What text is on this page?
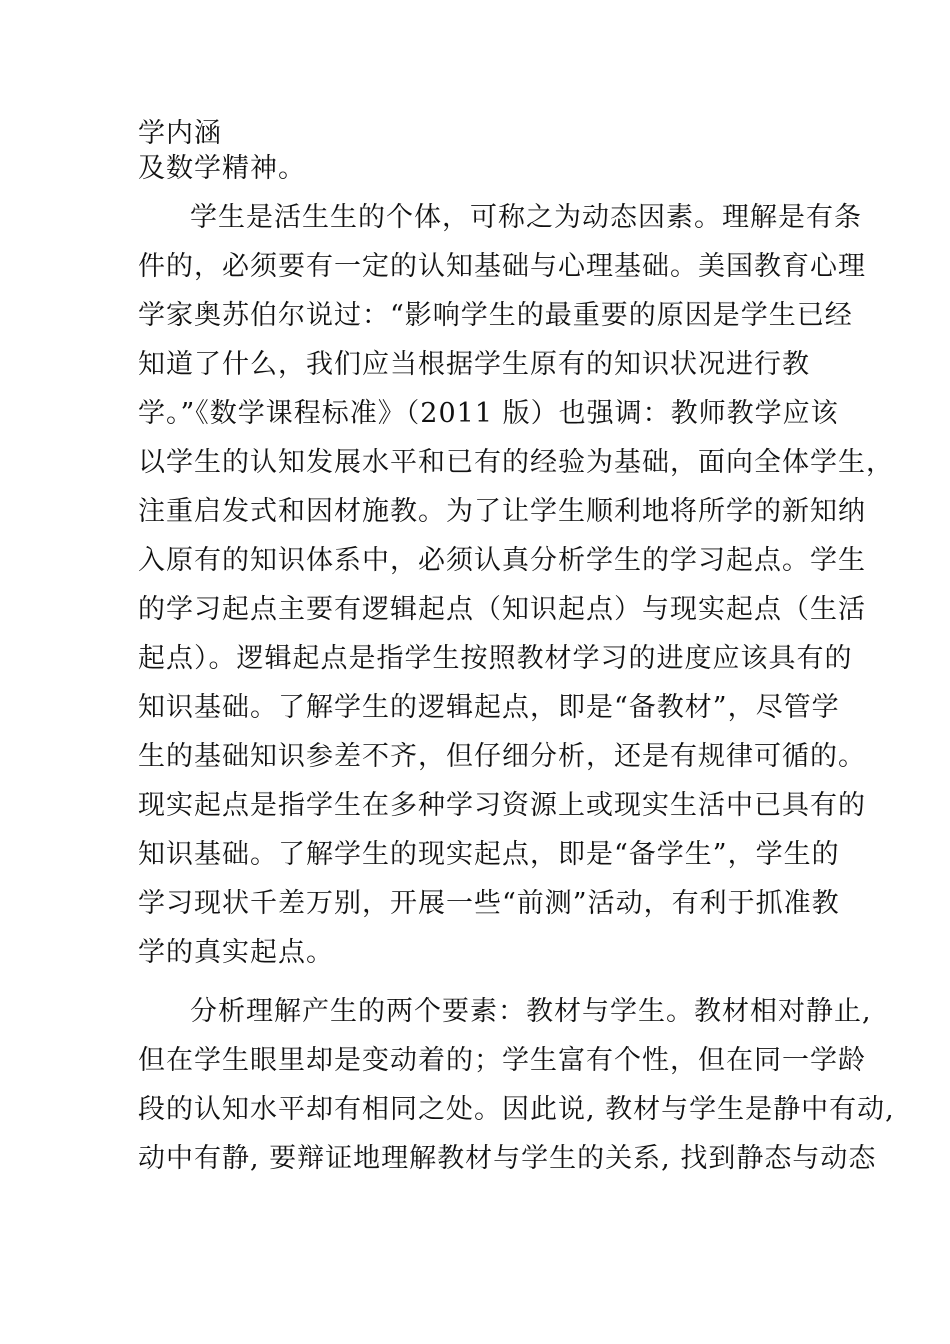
学内涵
及数学精神。
学生是活生生的个体，可称之为动态因素。理解是有条
件的，必须要有一定的认知基础与心理基础。美国教育心理
学家奥苏伯尔说过：“影响学生的最重要的原因是学生已经
知道了什么，我们应当根据学生原有的知识状况进行教
学。”《数学课程标准》（2011 版）也强调：教师教学应该
以学生的认知发展水平和已有的经验为基础，面向全体学生，
注重启发式和因材施教。为了让学生顺利地将所学的新知纳
入原有的知识体系中，必须认真分析学生的学习起点。学生
的学习起点主要有逻辑起点（知识起点）与现实起点（生活
起点）。逻辑起点是指学生按照教材学习的进度应该具有的
知识基础。了解学生的逻辑起点，即是“备教材”，尽管学
生的基础知识参差不齐，但仔细分析，还是有规律可循的。
现实起点是指学生在多种学习资源上或现实生活中已具有的
知识基础。了解学生的现实起点，即是“备学生”，学生的
学习现状千差万别，开展一些“前测”活动，有利于抓准教
学的真实起点。
分析理解产生的两个要素：教材与学生。教材相对静止,
但在学生眼里却是变动着的；学生富有个性，但在同一学龄
段的认知水平却有相同之处。因此说, 教材与学生是静中有动,
动中有静, 要辩证地理解教材与学生的关系, 找到静态与动态
